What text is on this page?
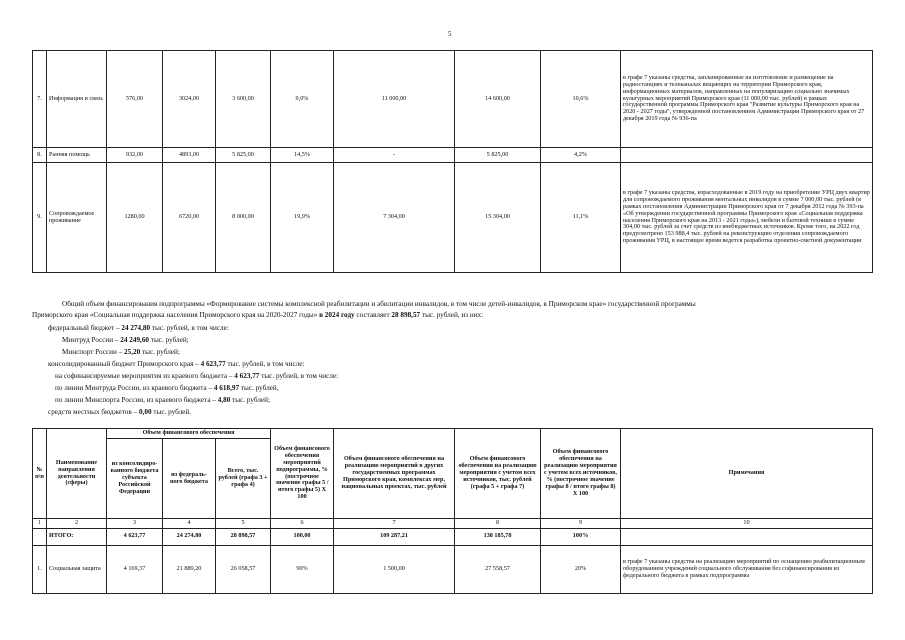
5
7.	Информация и связь	576,00	3024,00	3 600,00	9,0%	11 000,00	14 600,00	10,6%	в графе 7 указаны средства, запланированные на изготовление и размещение на радиостанциях и телеканалах вещающих на территории Приморского края, информационных материалов, направленных на популяризацию социально значимых культурных мероприятий Приморского края (11 000,00 тыс. рублей) в рамках государственной программы Приморского края "Развитие культуры Приморского края на 2020 - 2027 годы", утвержденной постановлением Администрации Приморского края от 27 декабря 2019 года № 936-па
8.	Ранняя помощь	932,00	4893,00	5 825,00	14,5%	-	5 825,00	4,2%	
9.	Сопровождаемое проживание	1280,00	6720,00	8 000,00	19,9%	7 304,00	15 304,00	11,1%	в графе 7 указаны средства, израсходованные в 2019 году на приобретение УРЦ двух квартир для сопровождаемого проживания ментальных инвалидов в сумме 7 000,00 тыс. рублей (в рамках постановления Администрации Приморского края от 7 декабря 2012 года № 393-па «Об утверждении государственной программы Приморского края «Социальная поддержка населения Приморского края на 2013 - 2021 годы»), мебели и бытовой техники в сумме 304,00 тыс. рублей за счет средств из внебюджетных источников. Кроме того, на 2022 год предусмотрено 153 988,4 тыс. рублей на реконструкцию отделения сопровождаемого проживания УРЦ, в настоящее время ведется разработка проектно-сметной документации
Общий объем финансирования подпрограммы «Формирование системы комплексной реабилитации и абилитации инвалидов, в том числе детей-инвалидов, в Приморском крае» государственной программы
Приморского края «Социальная поддержка населения Приморского края на 2020-2027 годы» в 2024 году составляет 28 898,57 тыс. рублей, из них:
федеральный бюджет – 24 274,80 тыс. рублей, в том числе:
Минтруд России – 24 249,60 тыс. рублей;
Минспорт России – 25,20 тыс. рублей;
консолидированный бюджет Приморского края – 4 623,77 тыс. рублей, в том числе:
на софинансируемые мероприятия из краевого бюджета – 4 623,77 тыс. рублей, в том числе:
по линии Минтруда России, из краевого бюджета – 4 618,97 тыс. рублей,
по линии Минспорта России, из краевого бюджета – 4,80 тыс. рублей;
средств местных бюджетов – 0,00 тыс. рублей.
№ п\п	Наименование направления деятельности (сферы)	Объем финансового обеспечения			Объем финансового обеспечения мероприятий подпрограммы, % (построчное значение графы 5 / итого графы 5) X 100	Объем финансового обеспечения на реализацию мероприятий в других государственных программах Приморского края, комплексах мер, национальных проектах, тыс. рублей	Объем финансового обеспечения на реализацию мероприятия с учетом всех источников, тыс. рублей (графа 5 + графа 7)	Объем финансового обеспечения на реализацию мероприятия с учетом всех источников, % (построчное значение графы 8 / итого графы 8) X 100	Примечания
		из консолидиро-ванного бюджета субъекта Российской Федерации	из федераль-ного бюджета	Всего, тыс. рублей (графа 3 + графа 4)					
1	2	3	4	5	6	7	8	9	10
	ИТОГО:	4 623,77	24 274,80	28 898,57	100,00	109 287,21	138 185,78	100%	
1.	Социальная защита	4 169,37	21 889,20	26 058,57	90%	1 500,00	27 558,57	20%	в графе 7 указаны средства на реализацию мероприятий по оснащению реабилитационным оборудованием учреждений социального обслуживания без софинансирования из федерального бюджета в рамках подпрограммы
